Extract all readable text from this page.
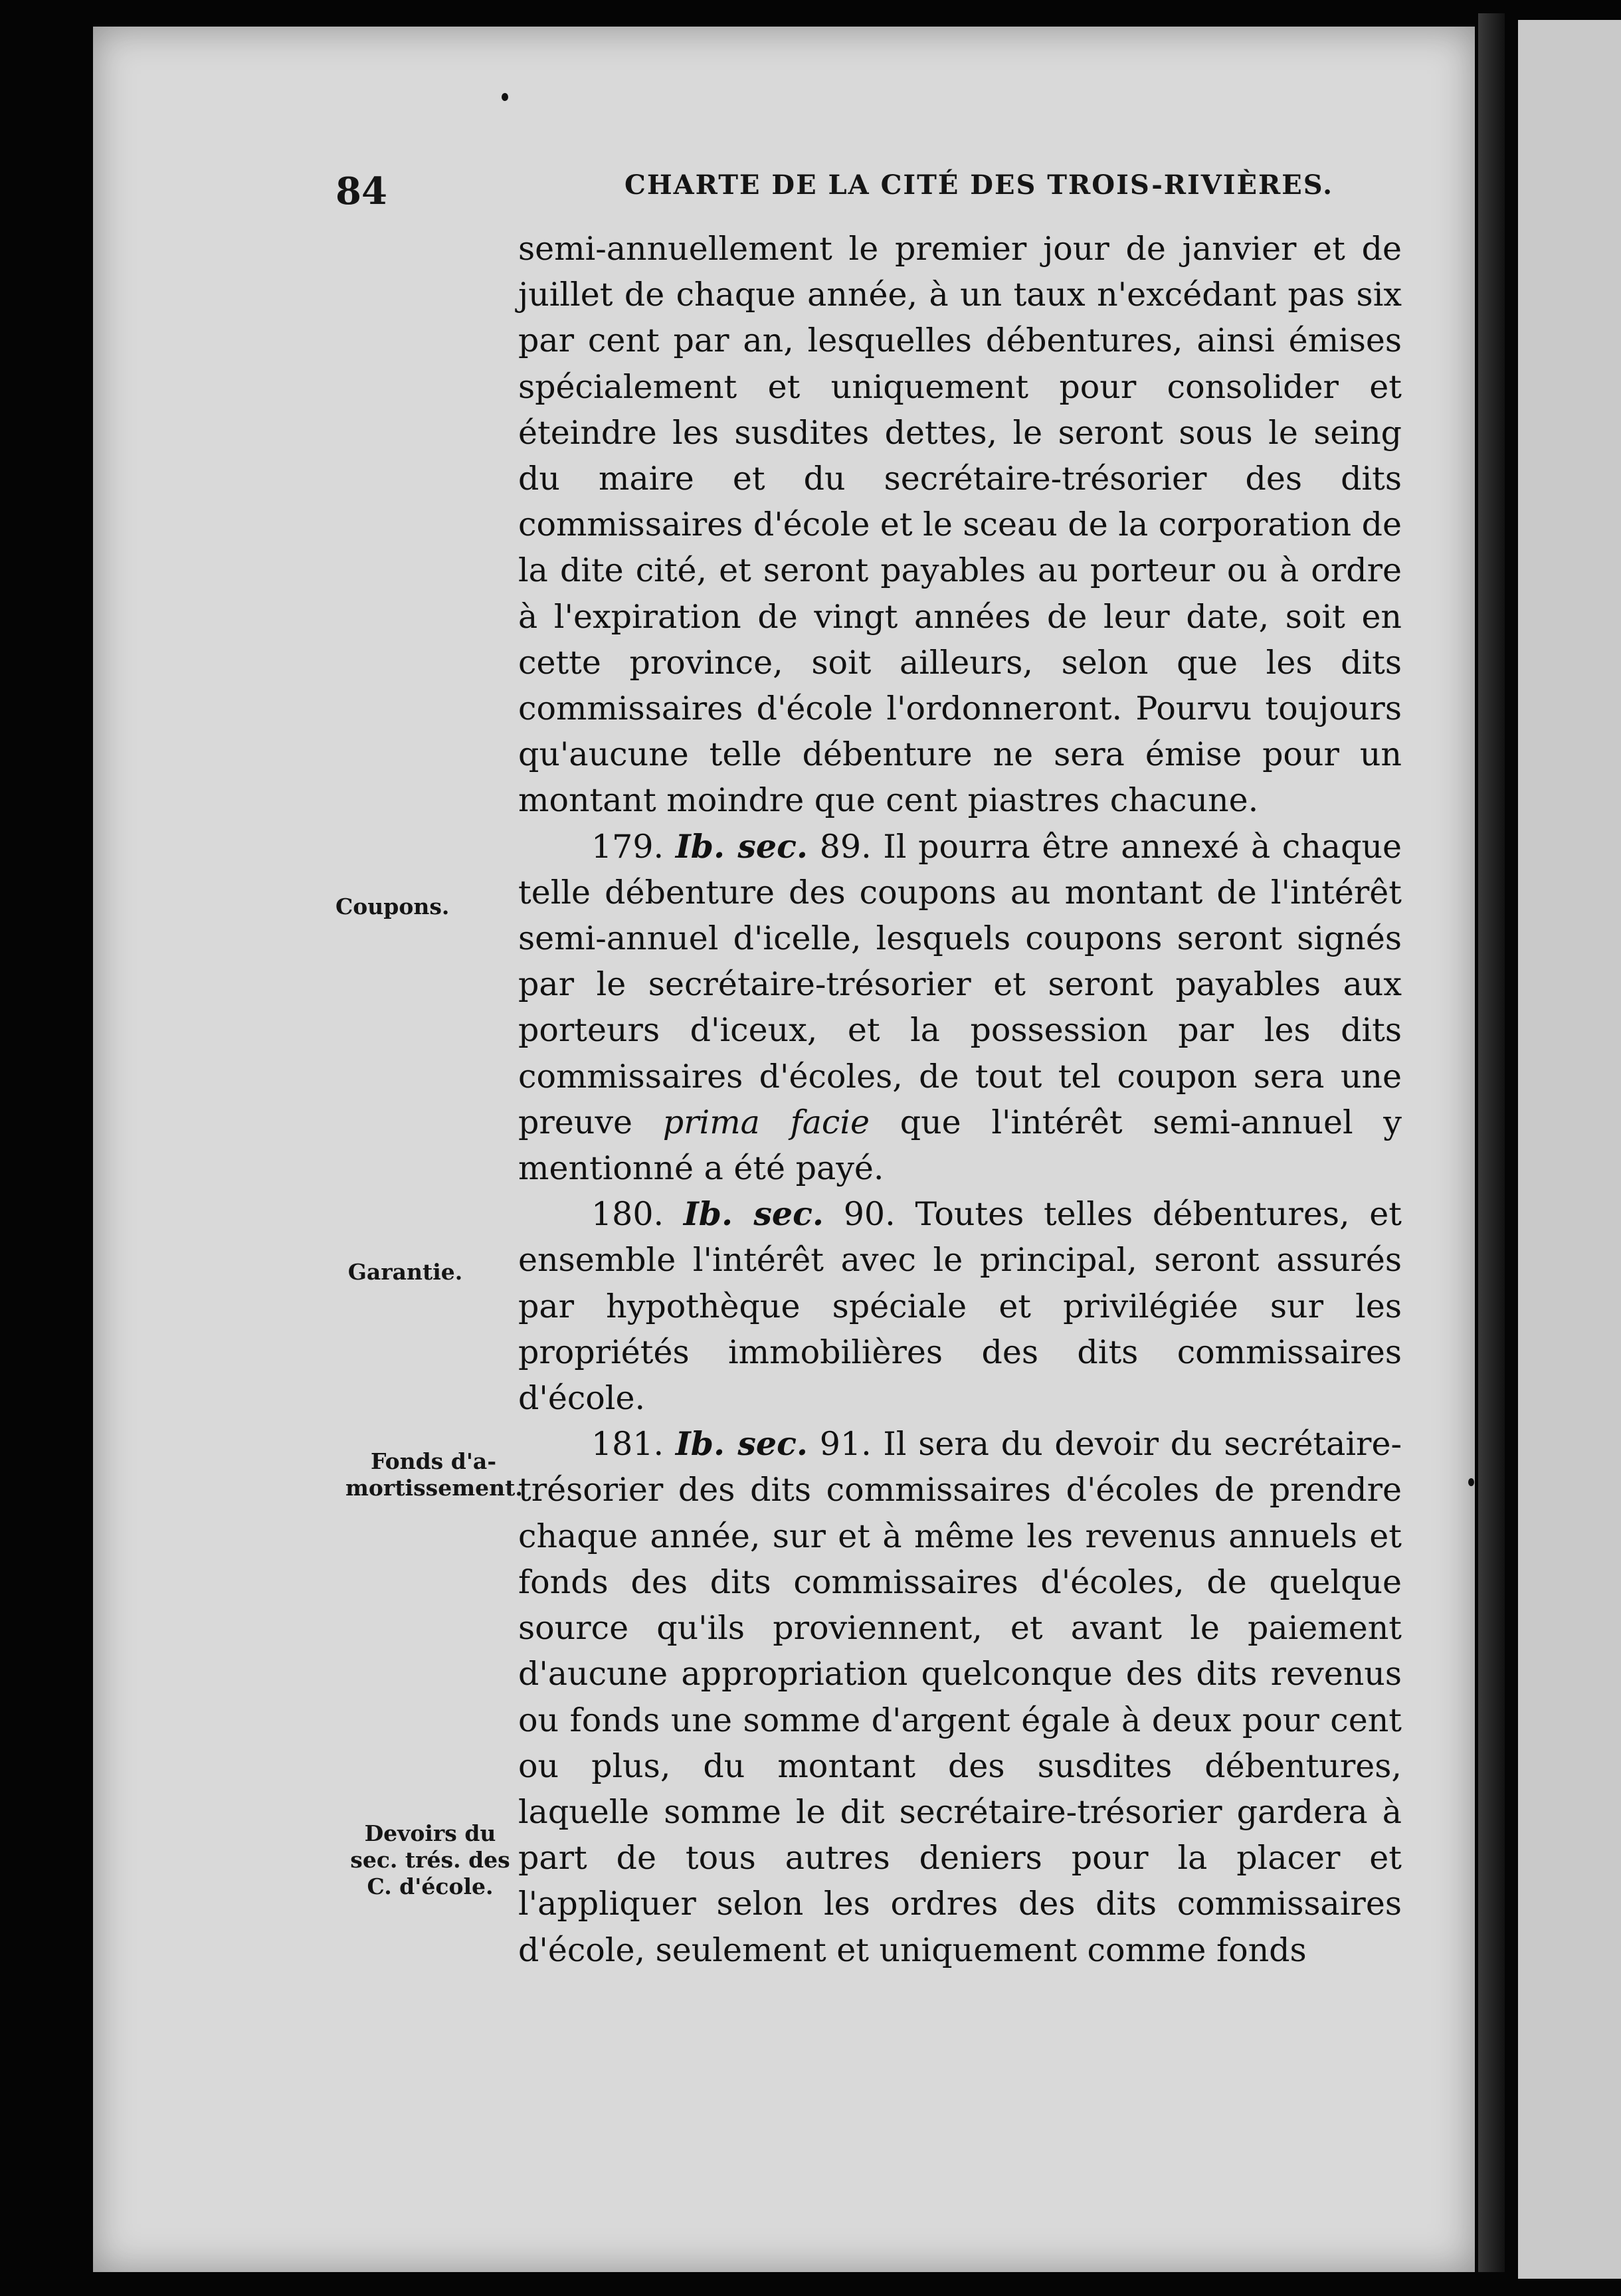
84	CHARTE DE LA CITÉ DES TROIS-RIVIÈRES.
Coupons.
Garantie.
Fonds d'a-
mortissement.
Devoirs du
sec. trés. des
C. d'école.

semi-annuellement le premier jour de janvier et de juillet de chaque année, à un taux n'excédant pas six par cent par an, lesquelles débentures, ainsi émises spécialement et uniquement pour consolider et éteindre les susdites dettes, le seront sous le seing du maire et du secrétaire-trésorier des dits commissaires d'école et le sceau de la corporation de la dite cité, et seront payables au porteur ou à ordre à l'expiration de vingt années de leur date, soit en cette province, soit ailleurs, selon que les dits commissaires d'école l'ordonneront. Pourvu toujours qu'aucune telle débenture ne sera émise pour un montant moindre que cent piastres chacune.

179. Ib. sec. 89. Il pourra être annexé à chaque telle débenture des coupons au montant de l'intérêt semi-annuel d'icelle, lesquels coupons seront signés par le secrétaire-trésorier et seront payables aux porteurs d'iceux, et la possession par les dits commissaires d'écoles, de tout tel coupon sera une preuve prima facie que l'intérêt semi-annuel y mentionné a été payé.

180. Ib. sec. 90. Toutes telles débentures, et ensemble l'intérêt avec le principal, seront assurés par hypothèque spéciale et privilégiée sur les propriétés immobilières des dits commissaires d'école.

181. Ib. sec. 91. Il sera du devoir du secrétaire-trésorier des dits commissaires d'écoles de prendre chaque année, sur et à même les revenus annuels et fonds des dits commissaires d'écoles, de quelque source qu'ils proviennent, et avant le paiement d'aucune appropriation quelconque des dits revenus ou fonds une somme d'argent égale à deux pour cent ou plus, du montant des susdites débentures, laquelle somme le dit secrétaire-trésorier gardera à part de tous autres deniers pour la placer et l'appliquer selon les ordres des dits commissaires d'école, seulement et uniquement comme fonds
